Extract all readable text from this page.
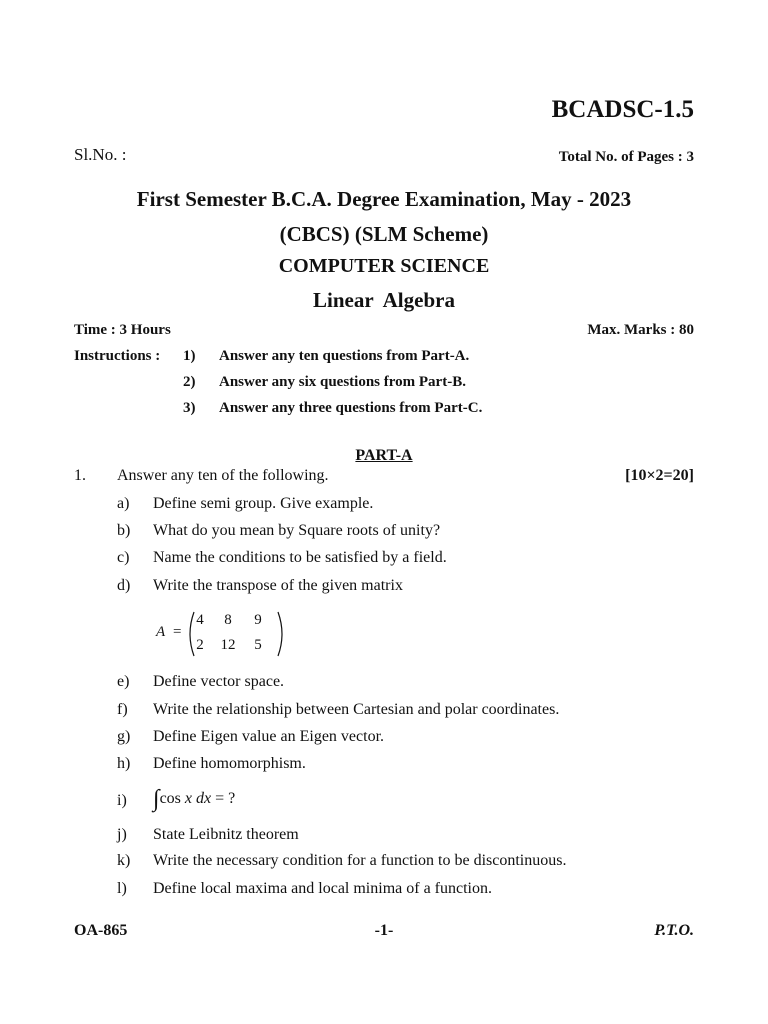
BCADSC-1.5
Sl.No. :	Total No. of Pages : 3
First Semester B.C.A. Degree Examination, May - 2023
(CBCS) (SLM Scheme)
COMPUTER SCIENCE
Linear  Algebra
Time : 3 Hours	Max. Marks : 80
Instructions : 1) Answer any ten questions from Part-A.
2) Answer any six questions from Part-B.
3) Answer any three questions from Part-C.
PART-A
1. Answer any ten of the following.	[10×2=20]
a) Define semi group. Give example.
b) What do you mean by Square roots of unity?
c) Name the conditions to be satisfied by a field.
d) Write the transpose of the given matrix
A =
4	8	9
2	12	5
e) Define vector space.
f) Write the relationship between Cartesian and polar coordinates.
g) Define Eigen value an Eigen vector.
h) Define homomorphism.
i) ∫cos x dx = ?
j) State Leibnitz theorem
k) Write the necessary condition for a function to be discontinuous.
l) Define local maxima and local minima of a function.
OA-865	-1-	P.T.O.
